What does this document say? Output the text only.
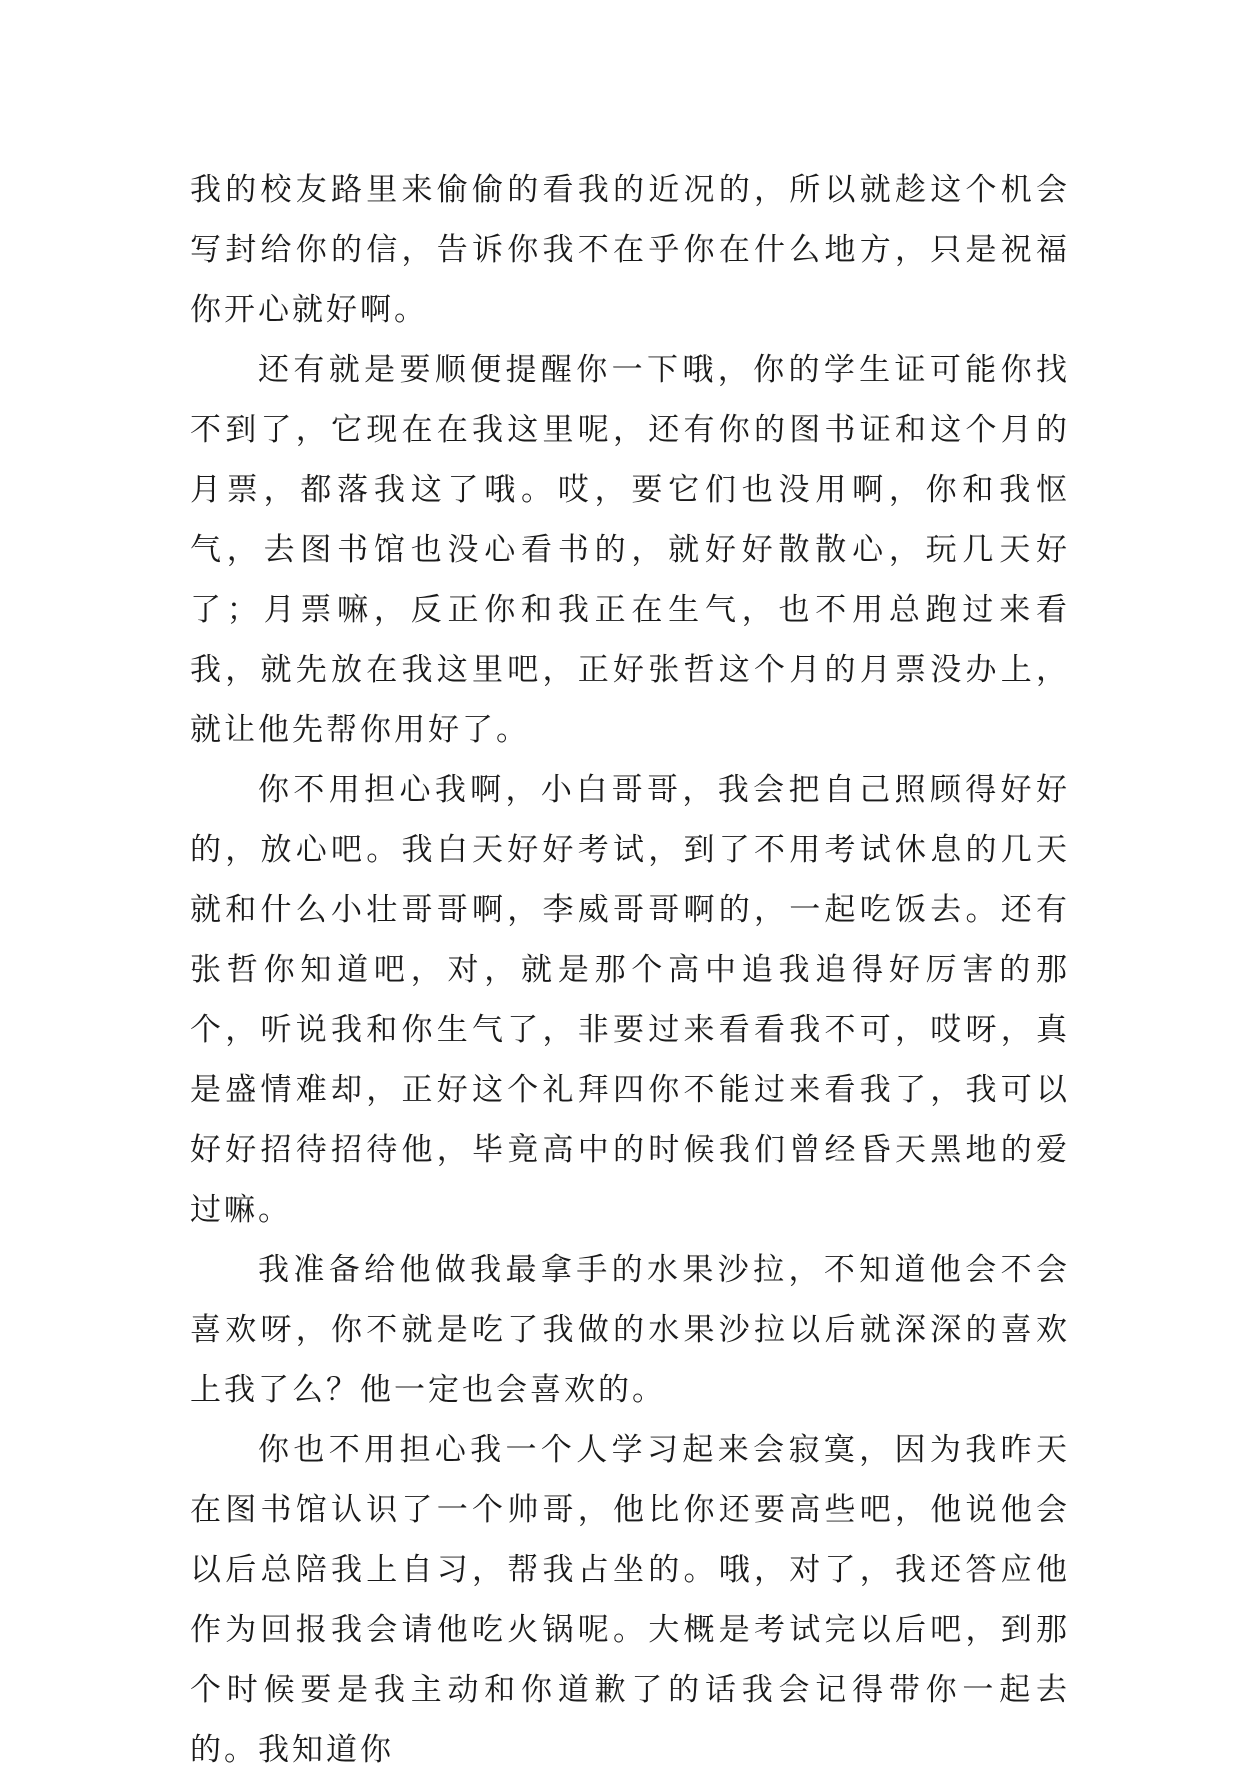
我的校友路里来偷偷的看我的近况的，所以就趁这个机会写封给你的信，告诉你我不在乎你在什么地方，只是祝福你开心就好啊。

还有就是要顺便提醒你一下哦，你的学生证可能你找不到了，它现在在我这里呢，还有你的图书证和这个月的月票，都落我这了哦。哎，要它们也没用啊，你和我怄气，去图书馆也没心看书的，就好好散散心，玩几天好了；月票嘛，反正你和我正在生气，也不用总跑过来看我，就先放在我这里吧，正好张哲这个月的月票没办上，就让他先帮你用好了。

你不用担心我啊，小白哥哥，我会把自己照顾得好好的，放心吧。我白天好好考试，到了不用考试休息的几天就和什么小壮哥哥啊，李威哥哥啊的，一起吃饭去。还有张哲你知道吧，对，就是那个高中追我追得好厉害的那个，听说我和你生气了，非要过来看看我不可，哎呀，真是盛情难却，正好这个礼拜四你不能过来看我了，我可以好好招待招待他，毕竟高中的时候我们曾经昏天黑地的爱过嘛。

我准备给他做我最拿手的水果沙拉，不知道他会不会喜欢呀，你不就是吃了我做的水果沙拉以后就深深的喜欢上我了么？他一定也会喜欢的。

你也不用担心我一个人学习起来会寂寞，因为我昨天在图书馆认识了一个帅哥，他比你还要高些吧，他说他会以后总陪我上自习，帮我占坐的。哦，对了，我还答应他作为回报我会请他吃火锅呢。大概是考试完以后吧，到那个时候要是我主动和你道歉了的话我会记得带你一起去的。我知道你
